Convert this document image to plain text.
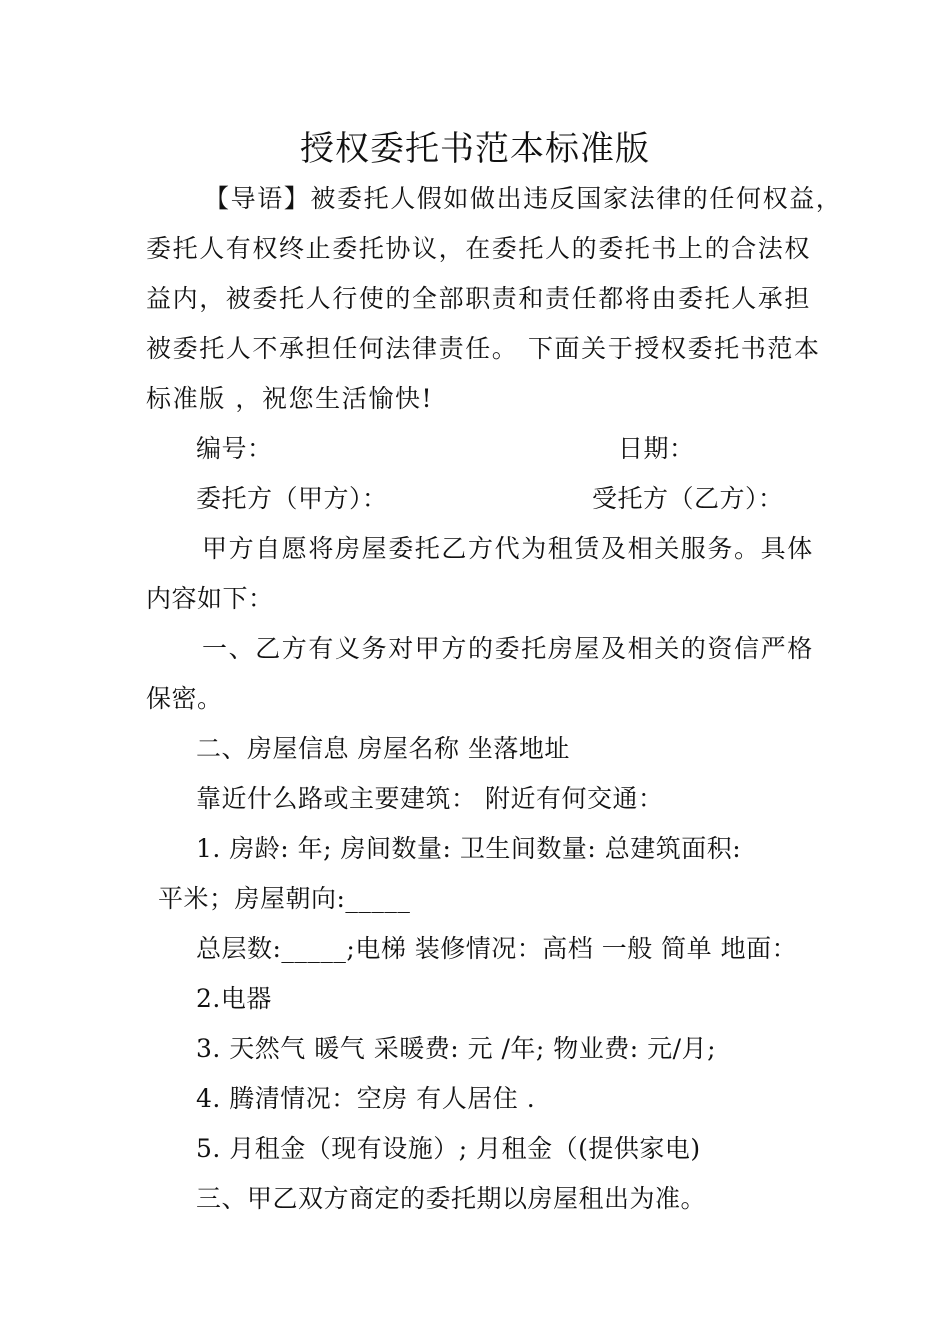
授权委托书范本标准版
【导语】被委托人假如做出违反国家法律的任何权益，
委托人有权终止委托协议，在委托人的委托书上的合法权
益内，被委托人行使的全部职责和责任都将由委托人承担
被委托人不承担任何法律责任。 下面关于授权委托书范本
标准版 ，祝您生活愉快!
编号：	日期：
委托方（甲方）：	受托方（乙方）：
甲方自愿将房屋委托乙方代为租赁及相关服务。具体
内容如下：
一、乙方有义务对甲方的委托房屋及相关的资信严格
保密。
二、房屋信息 房屋名称 坐落地址
靠近什么路或主要建筑： 附近有何交通：
1. 房龄: 年; 房间数量: 卫生间数量: 总建筑面积:
平米；房屋朝向:_____
总层数:_____;电梯 装修情况：高档 一般 简单 地面：
2.电器
3. 天然气 暖气 采暖费: 元 /年; 物业费: 元/月;
4. 腾清情况：空房 有人居住 .
5. 月租金（现有设施）; 月租金（(提供家电)
三、甲乙双方商定的委托期以房屋租出为准。
